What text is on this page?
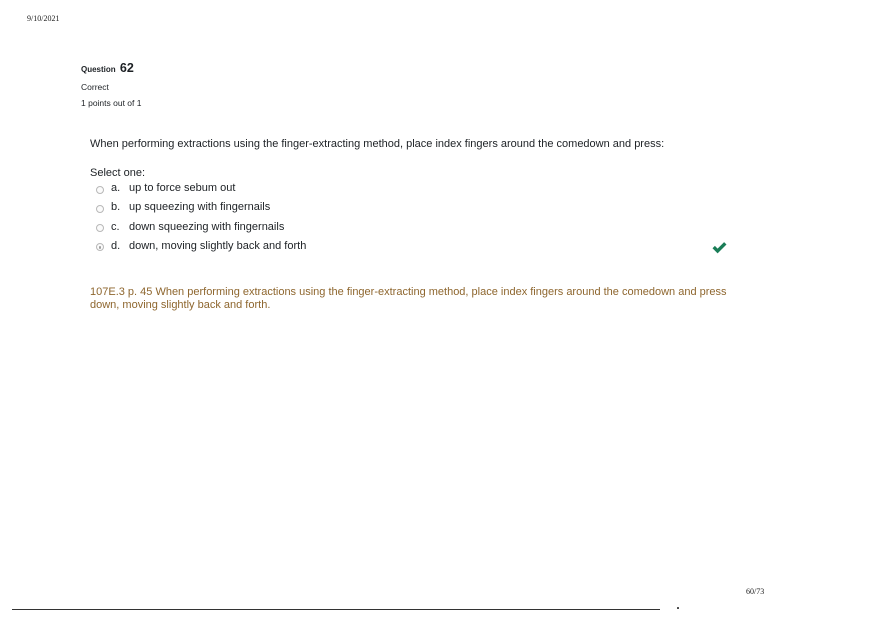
9/10/2021
Question 62
Correct
1 points out of 1
When performing extractions using the finger-extracting method, place index fingers around the comedown and press:
Select one:
a. up to force sebum out
b. up squeezing with fingernails
c. down squeezing with fingernails
d. down, moving slightly back and forth
107E.3 p. 45 When performing extractions using the finger-extracting method, place index fingers around the comedown and press down, moving slightly back and forth.
60/73
